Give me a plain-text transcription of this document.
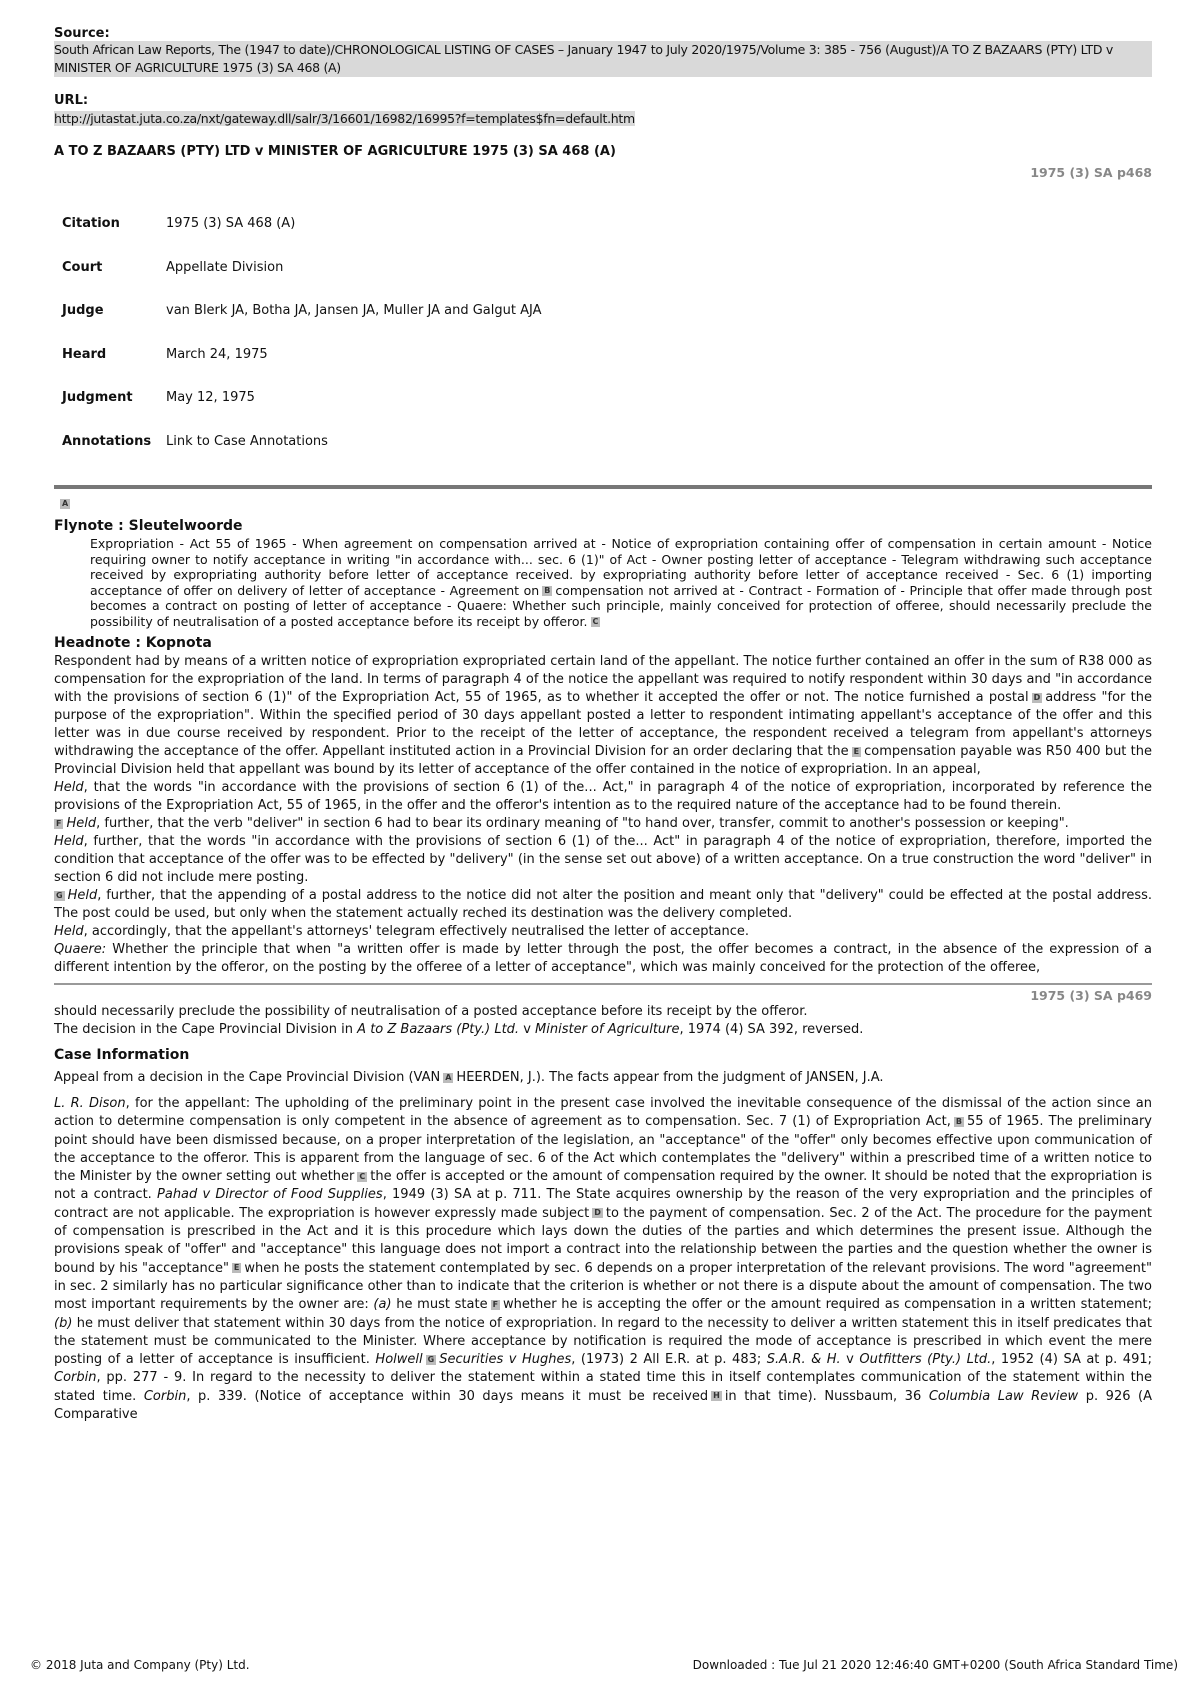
Source:

South African Law Reports, The (1947 to date)/CHRONOLOGICAL LISTING OF CASES – January 1947 to July 2020/1975/Volume 3: 385 - 756 (August)/A TO Z BAZAARS (PTY) LTD v MINISTER OF AGRICULTURE 1975 (3) SA 468 (A)

URL:

http://jutastat.juta.co.za/nxt/gateway.dll/salr/3/16601/16982/16995?f=templates$fn=default.htm

A TO Z BAZAARS (PTY) LTD v MINISTER OF AGRICULTURE 1975 (3) SA 468 (A)

1975 (3) SA p468

Citation	1975 (3) SA 468 (A)
Court	Appellate Division
Judge	van Blerk JA, Botha JA, Jansen JA, Muller JA and Galgut AJA
Heard	March 24, 1975
Judgment	May 12, 1975
Annotations	Link to Case Annotations
A

Flynote : Sleutelwoorde

Expropriation - Act 55 of 1965 - When agreement on compensation arrived at - Notice of expropriation containing offer of compensation in certain amount - Notice requiring owner to notify acceptance in writing "in accordance with... sec. 6 (1)" of Act - Owner posting letter of acceptance - Telegram withdrawing such acceptance received by expropriating authority before letter of acceptance received. by expropriating authority before letter of acceptance received - Sec. 6 (1) importing acceptance of offer on delivery of letter of acceptance - Agreement on B compensation not arrived at - Contract - Formation of - Principle that offer made through post becomes a contract on posting of letter of acceptance - Quaere: Whether such principle, mainly conceived for protection of offeree, should necessarily preclude the possibility of neutralisation of a posted acceptance before its receipt by offeror. C

Headnote : Kopnota

Respondent had by means of a written notice of expropriation expropriated certain land of the appellant. The notice further contained an offer in the sum of R38 000 as compensation for the expropriation of the land. In terms of paragraph 4 of the notice the appellant was required to notify respondent within 30 days and "in accordance with the provisions of section 6 (1)" of the Expropriation Act, 55 of 1965, as to whether it accepted the offer or not. The notice furnished a postal D address "for the purpose of the expropriation". Within the specified period of 30 days appellant posted a letter to respondent intimating appellant's acceptance of the offer and this letter was in due course received by respondent. Prior to the receipt of the letter of acceptance, the respondent received a telegram from appellant's attorneys withdrawing the acceptance of the offer. Appellant instituted action in a Provincial Division for an order declaring that the E compensation payable was R50 400 but the Provincial Division held that appellant was bound by its letter of acceptance of the offer contained in the notice of expropriation. In an appeal,
Held, that the words "in accordance with the provisions of section 6 (1) of the... Act," in paragraph 4 of the notice of expropriation, incorporated by reference the provisions of the Expropriation Act, 55 of 1965, in the offer and the offeror's intention as to the required nature of the acceptance had to be found therein.

F Held, further, that the verb "deliver" in section 6 had to bear its ordinary meaning of "to hand over, transfer, commit to another's possession or keeping".

Held, further, that the words "in accordance with the provisions of section 6 (1) of the... Act" in paragraph 4 of the notice of expropriation, therefore, imported the condition that acceptance of the offer was to be effected by "delivery" (in the sense set out above) of a written acceptance. On a true construction the word "deliver" in section 6 did not include mere posting.

G Held, further, that the appending of a postal address to the notice did not alter the position and meant only that "delivery" could be effected at the postal address. The post could be used, but only when the statement actually reched its destination was the delivery completed.

Held, accordingly, that the appellant's attorneys' telegram effectively neutralised the letter of acceptance.

Quaere: Whether the principle that when "a written offer is made by letter through the post, the offer becomes a contract, in the absence of the expression of a different intention by the offeror, on the posting by the offeree of a letter of acceptance", which was mainly conceived for the protection of the offeree,

1975 (3) SA p469

should necessarily preclude the possibility of neutralisation of a posted acceptance before its receipt by the offeror.

The decision in the Cape Provincial Division in A to Z Bazaars (Pty.) Ltd. v Minister of Agriculture, 1974 (4) SA 392, reversed.

Case Information

Appeal from a decision in the Cape Provincial Division (VAN A HEERDEN, J.). The facts appear from the judgment of JANSEN, J.A.

L. R. Dison, for the appellant: The upholding of the preliminary point in the present case involved the inevitable consequence of the dismissal of the action since an action to determine compensation is only competent in the absence of agreement as to compensation. Sec. 7 (1) of Expropriation Act, B 55 of 1965. The preliminary point should have been dismissed because, on a proper interpretation of the legislation, an "acceptance" of the "offer" only becomes effective upon communication of the acceptance to the offeror. This is apparent from the language of sec. 6 of the Act which contemplates the "delivery" within a prescribed time of a written notice to the Minister by the owner setting out whether C the offer is accepted or the amount of compensation required by the owner. It should be noted that the expropriation is not a contract. Pahad v Director of Food Supplies, 1949 (3) SA at p. 711. The State acquires ownership by the reason of the very expropriation and the principles of contract are not applicable. The expropriation is however expressly made subject D to the payment of compensation. Sec. 2 of the Act. The procedure for the payment of compensation is prescribed in the Act and it is this procedure which lays down the duties of the parties and which determines the present issue. Although the provisions speak of "offer" and "acceptance" this language does not import a contract into the relationship between the parties and the question whether the owner is bound by his "acceptance" E when he posts the statement contemplated by sec. 6 depends on a proper interpretation of the relevant provisions. The word "agreement" in sec. 2 similarly has no particular significance other than to indicate that the criterion is whether or not there is a dispute about the amount of compensation. The two most important requirements by the owner are: (a) he must state F whether he is accepting the offer or the amount required as compensation in a written statement; (b) he must deliver that statement within 30 days from the notice of expropriation. In regard to the necessity to deliver a written statement this in itself predicates that the statement must be communicated to the Minister. Where acceptance by notification is required the mode of acceptance is prescribed in which event the mere posting of a letter of acceptance is insufficient. Holwell G Securities v Hughes, (1973) 2 All E.R. at p. 483; S.A.R. & H. v Outfitters (Pty.) Ltd., 1952 (4) SA at p. 491; Corbin, pp. 277 - 9. In regard to the necessity to deliver the statement within a stated time this in itself contemplates communication of the statement within the stated time. Corbin, p. 339. (Notice of acceptance within 30 days means it must be received H in that time). Nussbaum, 36 Columbia Law Review p. 926 (A Comparative

© 2018 Juta and Company (Pty) Ltd.	Downloaded : Tue Jul 21 2020 12:46:40 GMT+0200 (South Africa Standard Time)
